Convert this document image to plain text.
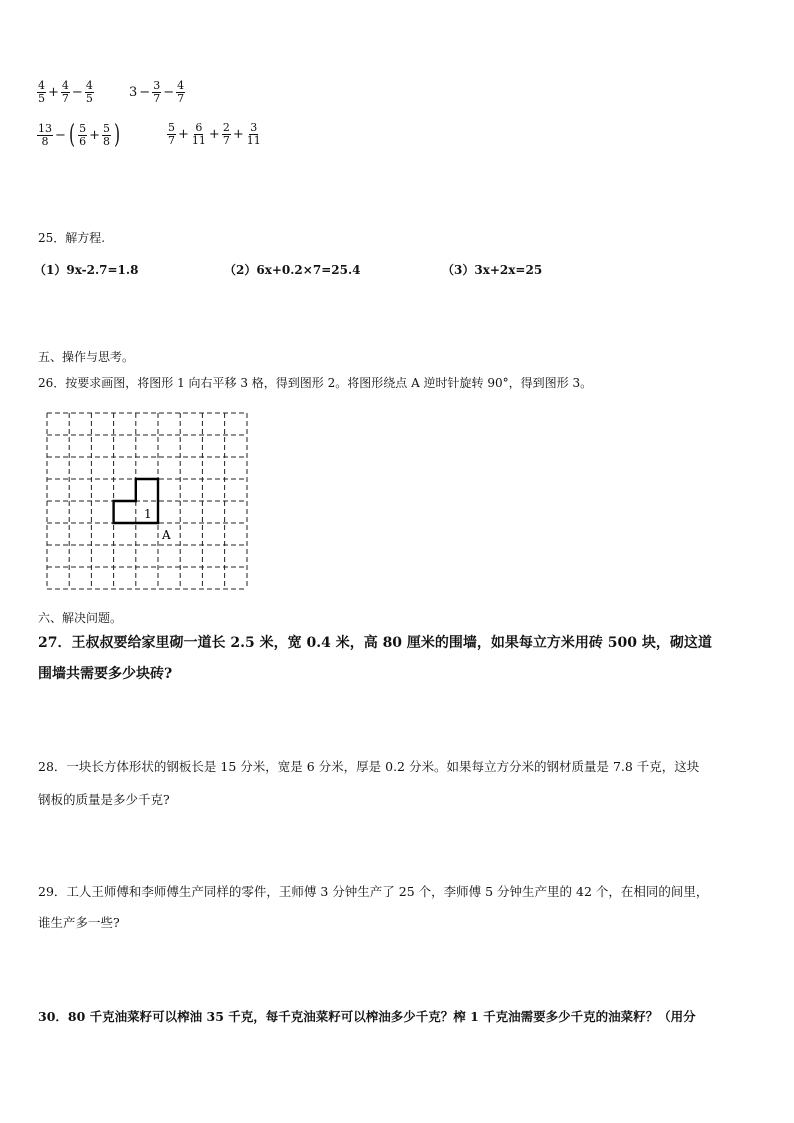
$\frac{4}{5} + \frac{4}{7} - \frac{4}{5}$	$3 - \frac{3}{7} - \frac{4}{7}$
$\frac{13}{8}$ − ( $\frac{5}{6} + \frac{5}{8}$ )	$\frac{5}{7} + \frac{6}{11} + \frac{2}{7} + \frac{3}{11}$
25．解方程.
（1）9x-2.7=1.8	（2）6x+0.2×7=25.4	（3）3x+2x=25
五、操作与思考。
26．按要求画图，将图形 1 向右平移 3 格，得到图形 2。将图形绕点 A 逆时针旋转 90°，得到图形 3。
1
A
六、解决问题。
27．王叔叔要给家里砌一道长 2.5 米，宽 0.4 米，高 80 厘米的围墙，如果每立方米用砖 500 块，砌这道
围墙共需要多少块砖?
28．一块长方体形状的钢板长是 15 分米，宽是 6 分米，厚是 0.2 分米。如果每立方分米的钢材质量是 7.8 千克，这块
钢板的质量是多少千克?
29．工人王师傅和李师傅生产同样的零件，王师傅 3 分钟生产了 25 个，李师傅 5 分钟生产里的 42 个，在相同的间里，
谁生产多一些?
30．80 千克油菜籽可以榨油 35 千克，每千克油菜籽可以榨油多少千克？榨 1 千克油需要多少千克的油菜籽？（用分
